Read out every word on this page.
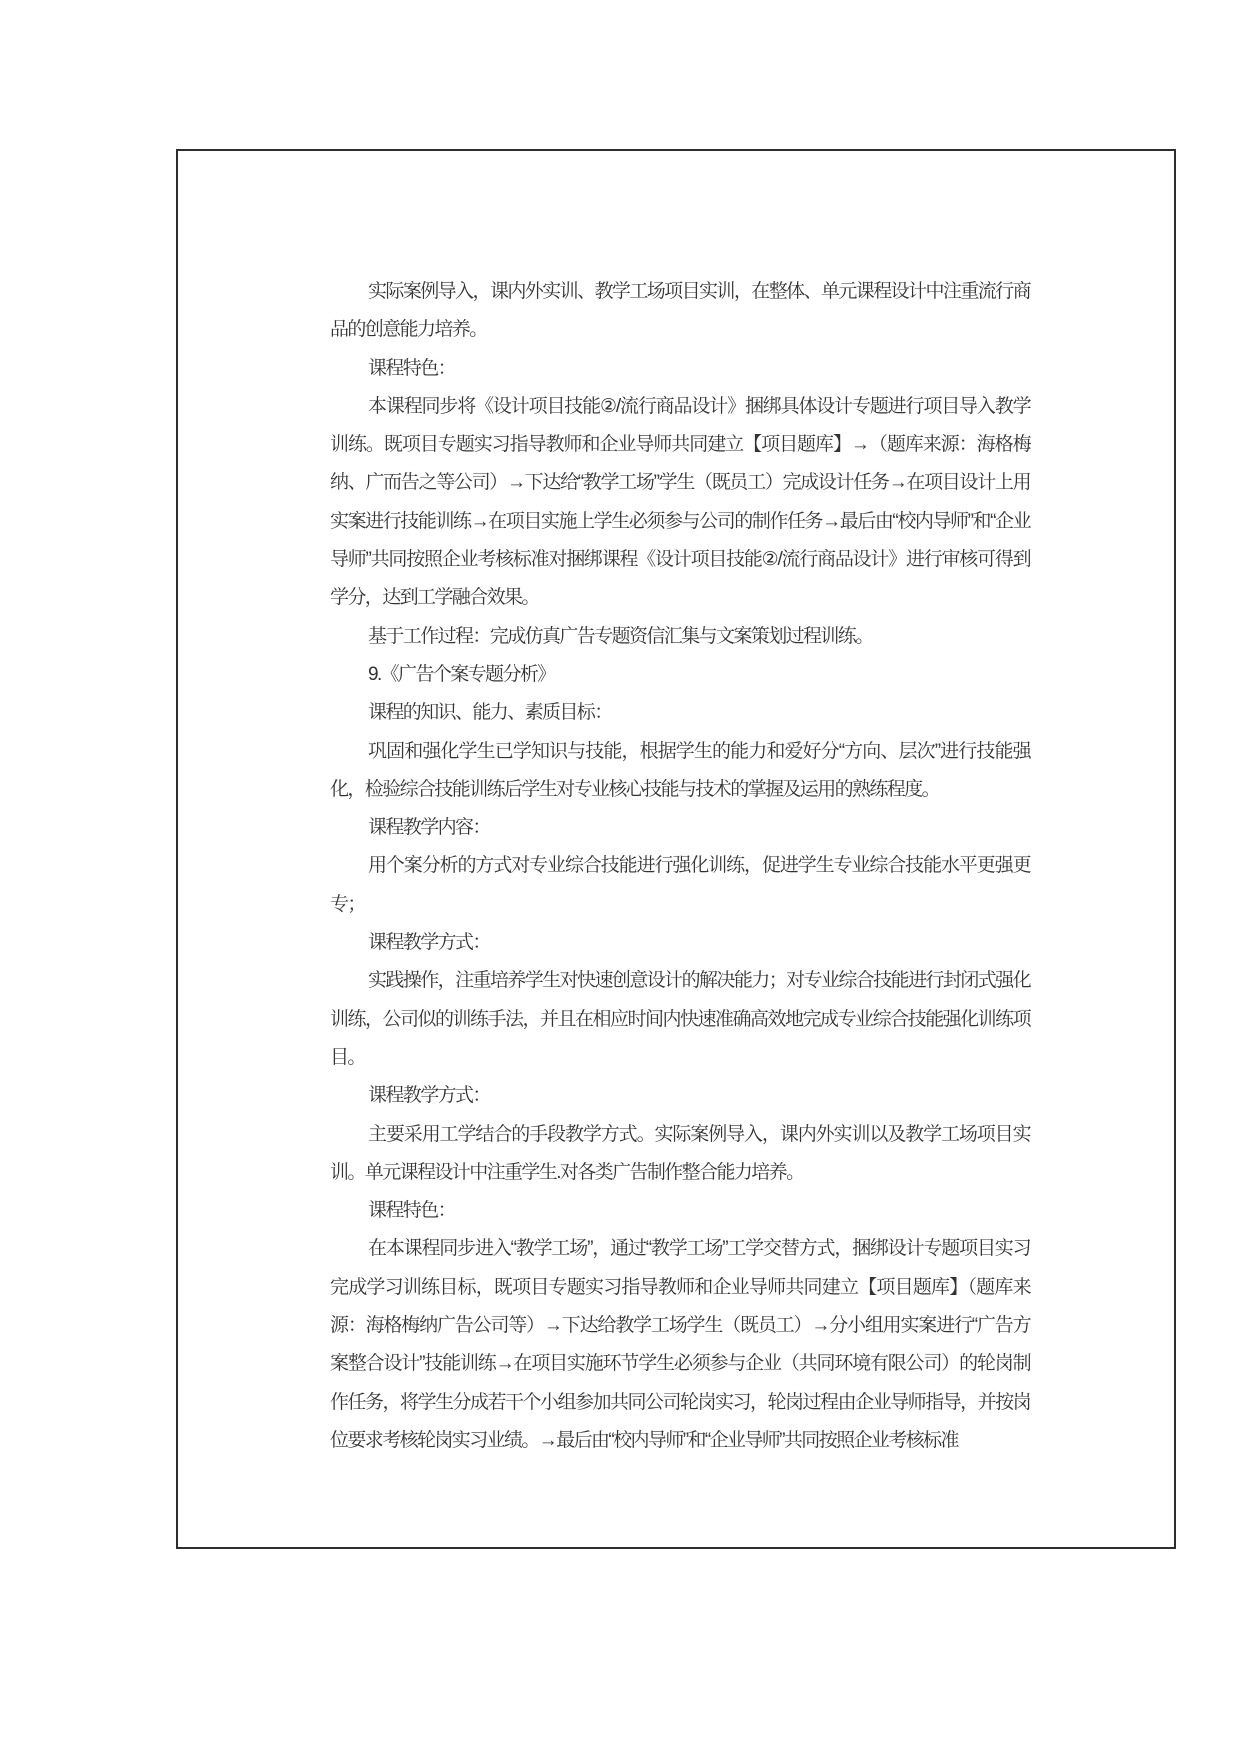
实际案例导入，课内外实训、教学工场项目实训，在整体、单元课程设计中注重流行商品的创意能力培养。

课程特色：

本课程同步将《设计项目技能②/流行商品设计》捆绑具体设计专题进行项目导入教学训练。既项目专题实习指导教师和企业导师共同建立【项目题库】→（题库来源：海格梅纳、广而告之等公司）→下达给“教学工场”学生（既员工）完成设计任务→在项目设计上用实案进行技能训练→在项目实施上学生必须参与公司的制作任务→最后由“校内导师”和“企业导师”共同按照企业考核标准对捆绑课程《设计项目技能②/流行商品设计》进行审核可得到学分，达到工学融合效果。

基于工作过程：完成仿真广告专题资信汇集与文案策划过程训练。

9.《广告个案专题分析》

课程的知识、能力、素质目标：

巩固和强化学生已学知识与技能，根据学生的能力和爱好分“方向、层次”进行技能强化，检验综合技能训练后学生对专业核心技能与技术的掌握及运用的熟练程度。

课程教学内容：

用个案分析的方式对专业综合技能进行强化训练，促进学生专业综合技能水平更强更专；

课程教学方式：

实践操作，注重培养学生对快速创意设计的解决能力；对专业综合技能进行封闭式强化训练，公司似的训练手法，并且在相应时间内快速准确高效地完成专业综合技能强化训练项目。

课程教学方式：

主要采用工学结合的手段教学方式。实际案例导入，课内外实训以及教学工场项目实训。单元课程设计中注重学生.对各类广告制作整合能力培养。

课程特色：

在本课程同步进入“教学工场”，通过“教学工场”工学交替方式，捆绑设计专题项目实习完成学习训练目标，既项目专题实习指导教师和企业导师共同建立【项目题库】（题库来源：海格梅纳广告公司等）→下达给教学工场学生（既员工）→分小组用实案进行“广告方案整合设计”技能训练→在项目实施环节学生必须参与企业（共同环境有限公司）的轮岗制作任务，将学生分成若干个小组参加共同公司轮岗实习，轮岗过程由企业导师指导，并按岗位要求考核轮岗实习业绩。→最后由“校内导师”和“企业导师”共同按照企业考核标准
